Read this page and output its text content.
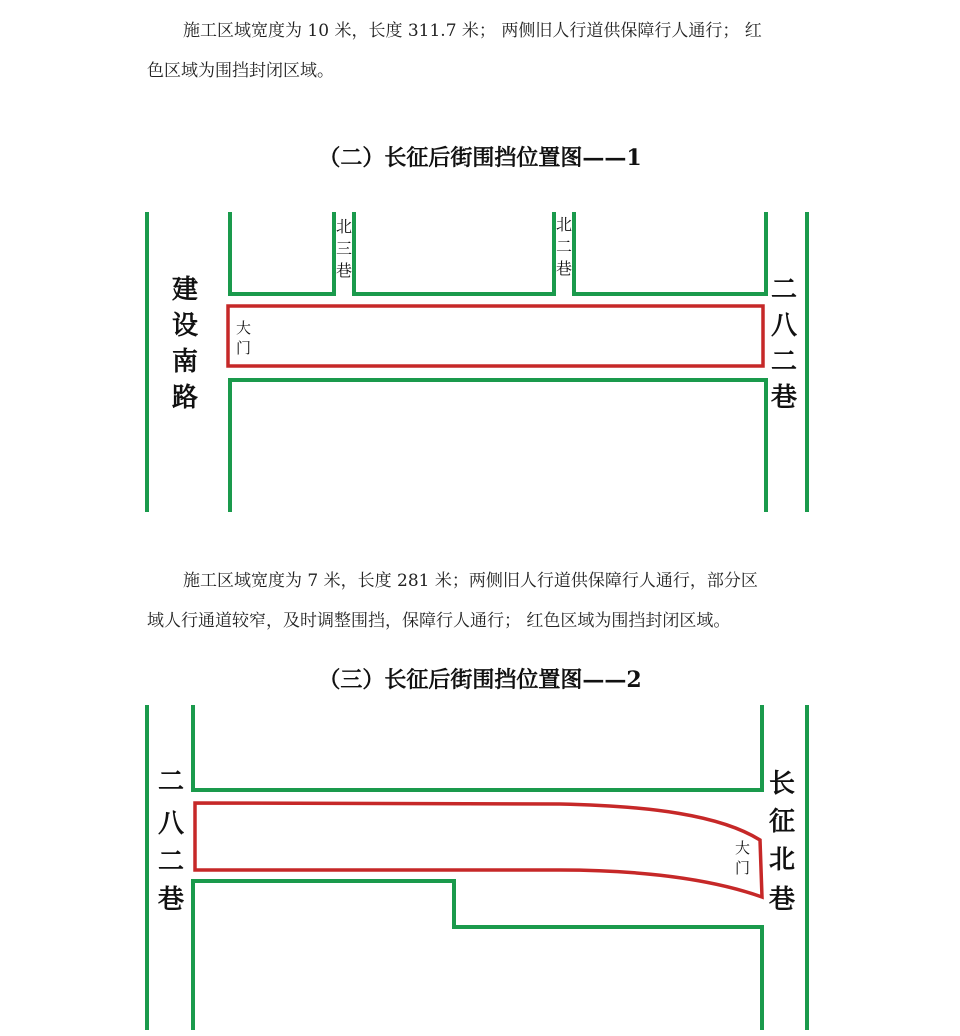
施工区域宽度为 10 米，长度 311.7 米； 两侧旧人行道供保障行人通行； 红
色区域为围挡封闭区域。
（二）长征后街围挡位置图——1
建
设
南
路
二
八
二
巷
北
三
巷
北
二
巷
大
门
施工区域宽度为 7 米，长度 281 米；两侧旧人行道供保障行人通行，部分区
域人行通道较窄，及时调整围挡，保障行人通行； 红色区域为围挡封闭区域。
（三）长征后街围挡位置图——2
二
八
二
巷
长
征
北
巷
大
门
